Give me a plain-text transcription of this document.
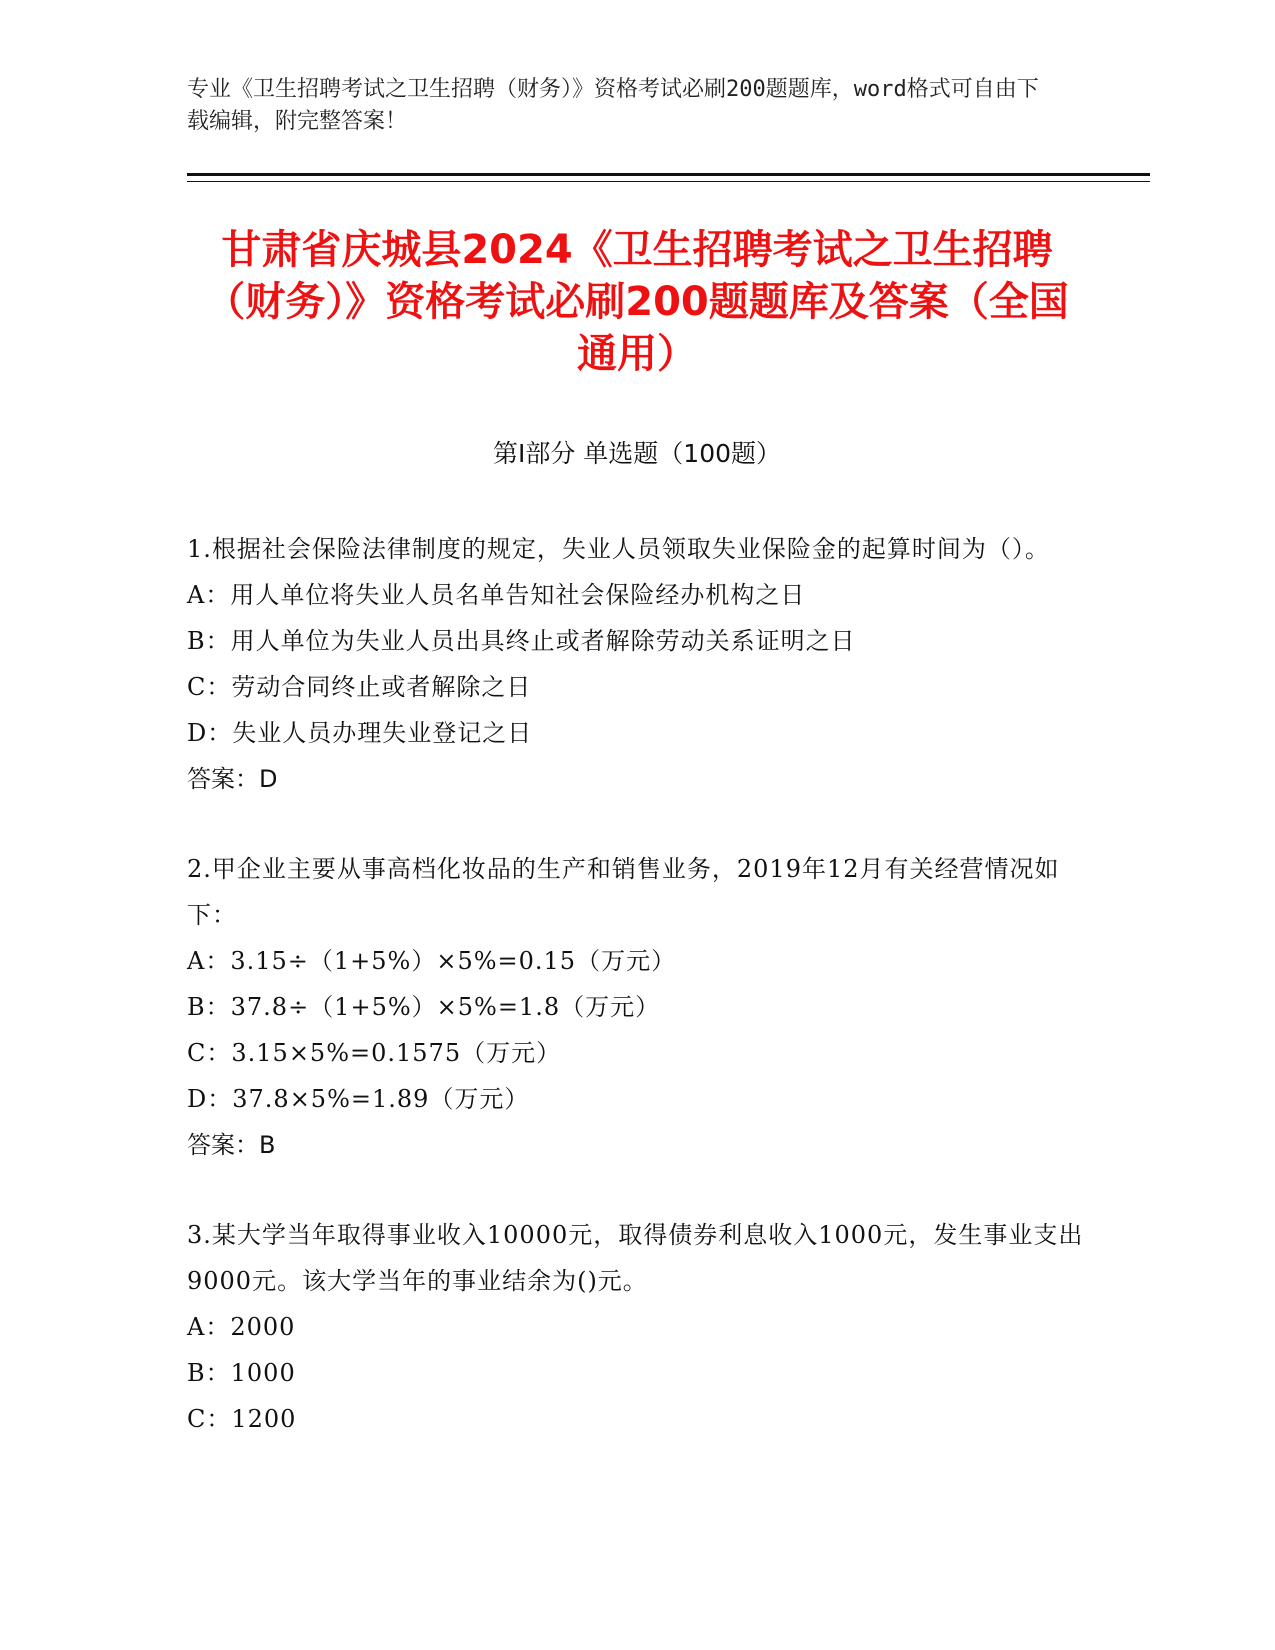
专业《卫生招聘考试之卫生招聘（财务）》资格考试必刷200题题库，word格式可自由下载编辑，附完整答案！
甘肃省庆城县2024《卫生招聘考试之卫生招聘（财务）》资格考试必刷200题题库及答案（全国通用）
第Ⅰ部分 单选题（100题）
1.根据社会保险法律制度的规定，失业人员领取失业保险金的起算时间为（）。
A： 用人单位将失业人员名单告知社会保险经办机构之日
B： 用人单位为失业人员出具终止或者解除劳动关系证明之日
C： 劳动合同终止或者解除之日
D： 失业人员办理失业登记之日
答案：D
2.甲企业主要从事高档化妆品的生产和销售业务，2019年12月有关经营情况如下：
A： 3.15÷（1+5%）×5%=0.15（万元）
B： 37.8÷（1+5%）×5%=1.8（万元）
C： 3.15×5%=0.1575（万元）
D： 37.8×5%=1.89（万元）
答案：B
3.某大学当年取得事业收入10000元，取得债券利息收入1000元，发生事业支出9000元。该大学当年的事业结余为()元。
A： 2000
B： 1000
C： 1200
